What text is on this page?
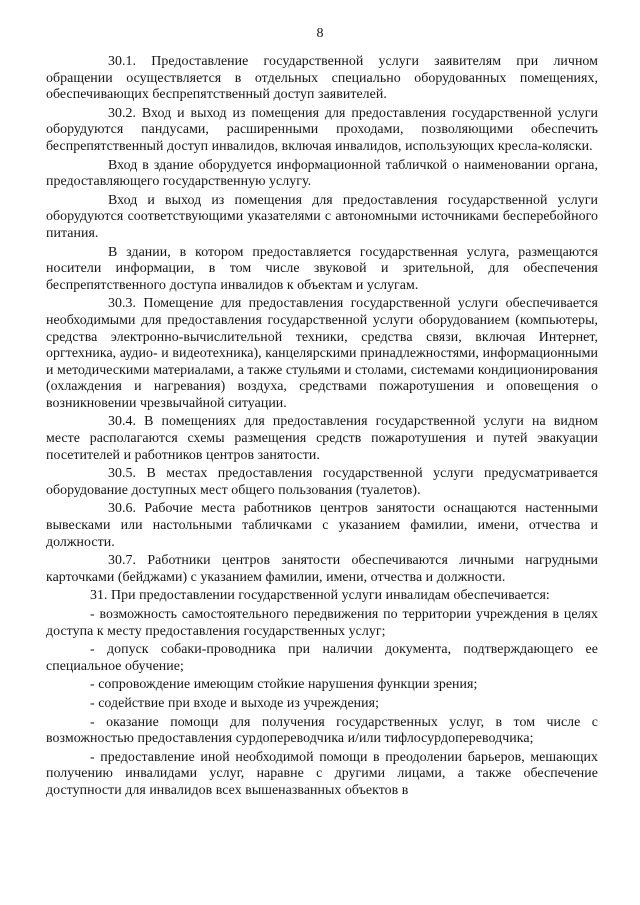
8

30.1. Предоставление государственной услуги заявителям при личном обращении осуществляется в отдельных специально оборудованных помещениях, обеспечивающих беспрепятственный доступ заявителей.

30.2. Вход и выход из помещения для предоставления государственной услуги оборудуются пандусами, расширенными проходами, позволяющими обеспечить беспрепятственный доступ инвалидов, включая инвалидов, использующих кресла-коляски.

Вход в здание оборудуется информационной табличкой о наименовании органа, предоставляющего государственную услугу.

Вход и выход из помещения для предоставления государственной услуги оборудуются соответствующими указателями с автономными источниками бесперебойного питания.

В здании, в котором предоставляется государственная услуга, размещаются носители информации, в том числе звуковой и зрительной, для обеспечения беспрепятственного доступа инвалидов к объектам и услугам.

30.3. Помещение для предоставления государственной услуги обеспечивается необходимыми для предоставления государственной услуги оборудованием (компьютеры, средства электронно-вычислительной техники, средства связи, включая Интернет, оргтехника, аудио- и видеотехника), канцелярскими принадлежностями, информационными и методическими материалами, а также стульями и столами, системами кондиционирования (охлаждения и нагревания) воздуха, средствами пожаротушения и оповещения о возникновении чрезвычайной ситуации.

30.4. В помещениях для предоставления государственной услуги на видном месте располагаются схемы размещения средств пожаротушения и путей эвакуации посетителей и работников центров занятости.

30.5. В местах предоставления государственной услуги предусматривается оборудование доступных мест общего пользования (туалетов).

30.6. Рабочие места работников центров занятости оснащаются настенными вывесками или настольными табличками с указанием фамилии, имени, отчества и должности.

30.7. Работники центров занятости обеспечиваются личными нагрудными карточками (бейджами) с указанием фамилии, имени, отчества и должности.

31. При предоставлении государственной услуги инвалидам обеспечивается:

- возможность самостоятельного передвижения по территории учреждения в целях доступа к месту предоставления государственных услуг;

- допуск собаки-проводника при наличии документа, подтверждающего ее специальное обучение;

- сопровождение имеющим стойкие нарушения функции зрения;

- содействие при входе и выходе из учреждения;

- оказание помощи для получения государственных услуг, в том числе с возможностью предоставления сурдопереводчика и/или тифлосурдопереводчика;

- предоставление иной необходимой помощи в преодолении барьеров, мешающих получению инвалидами услуг, наравне с другими лицами, а также обеспечение доступности для инвалидов всех вышеназванных объектов в
